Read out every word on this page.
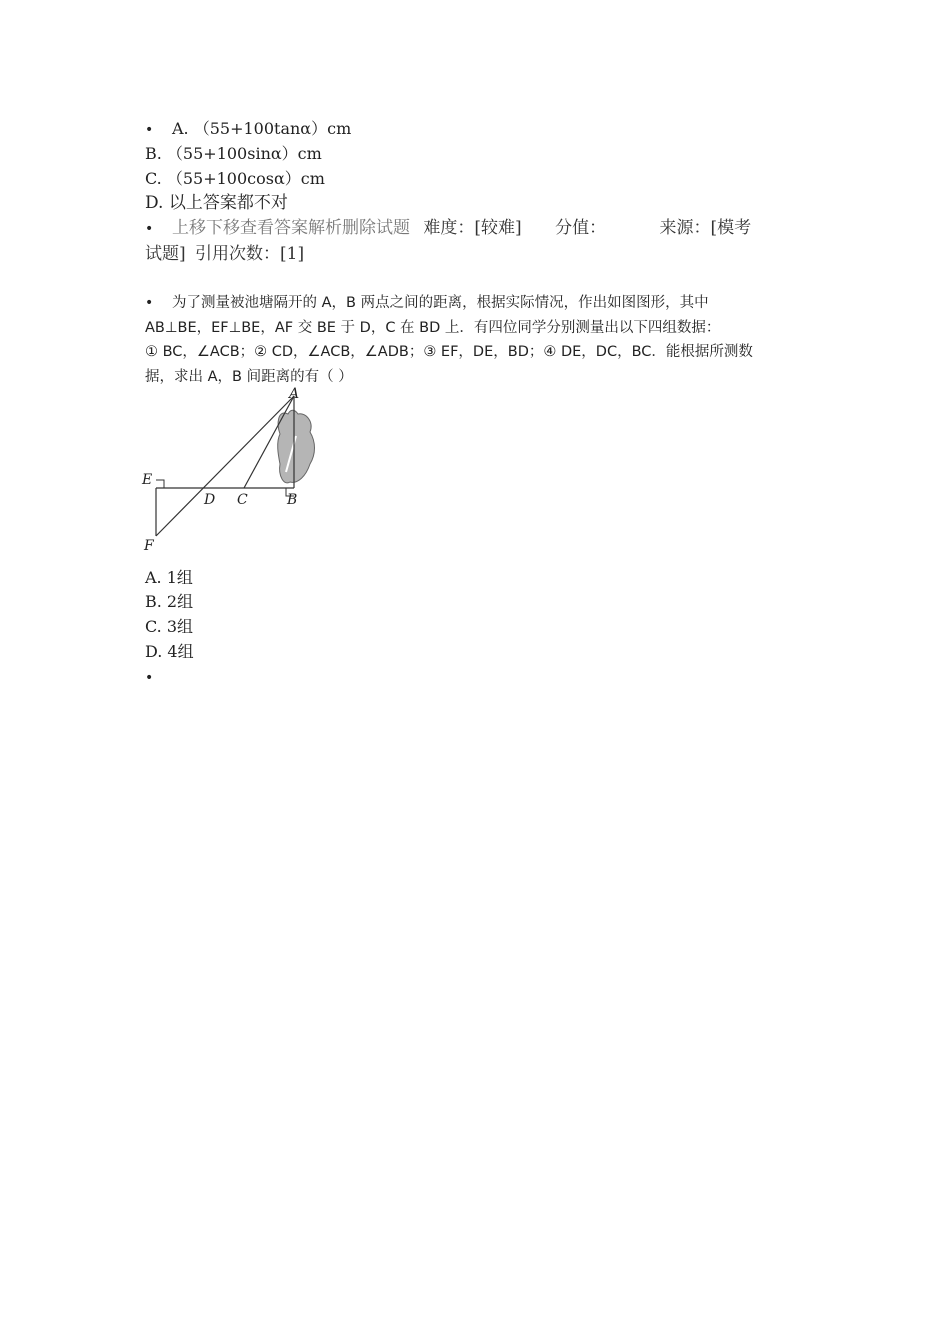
• A. （55+100tanα）cm
B. （55+100sinα）cm
C. （55+100cosα）cm
D. 以上答案都不对
• 上移下移查看答案解析删除试题 难度：[较难] 分值：	来源：[模考
试题] 引用次数：[1]
• 为了测量被池塘隔开的 A，B 两点之间的距离，根据实际情况，作出如图图形，其中
AB⊥BE，EF⊥BE，AF 交 BE 于 D，C 在 BD 上．有四位同学分别测量出以下四组数据：
① BC，∠ACB；② CD，∠ACB，∠ADB；③ EF，DE，BD；④ DE，DC，BC．能根据所测数
据，求出 A，B 间距离的有（ ）
A
E
D C	B
F
A. 1组
B. 2组
C. 3组
D. 4组
•
